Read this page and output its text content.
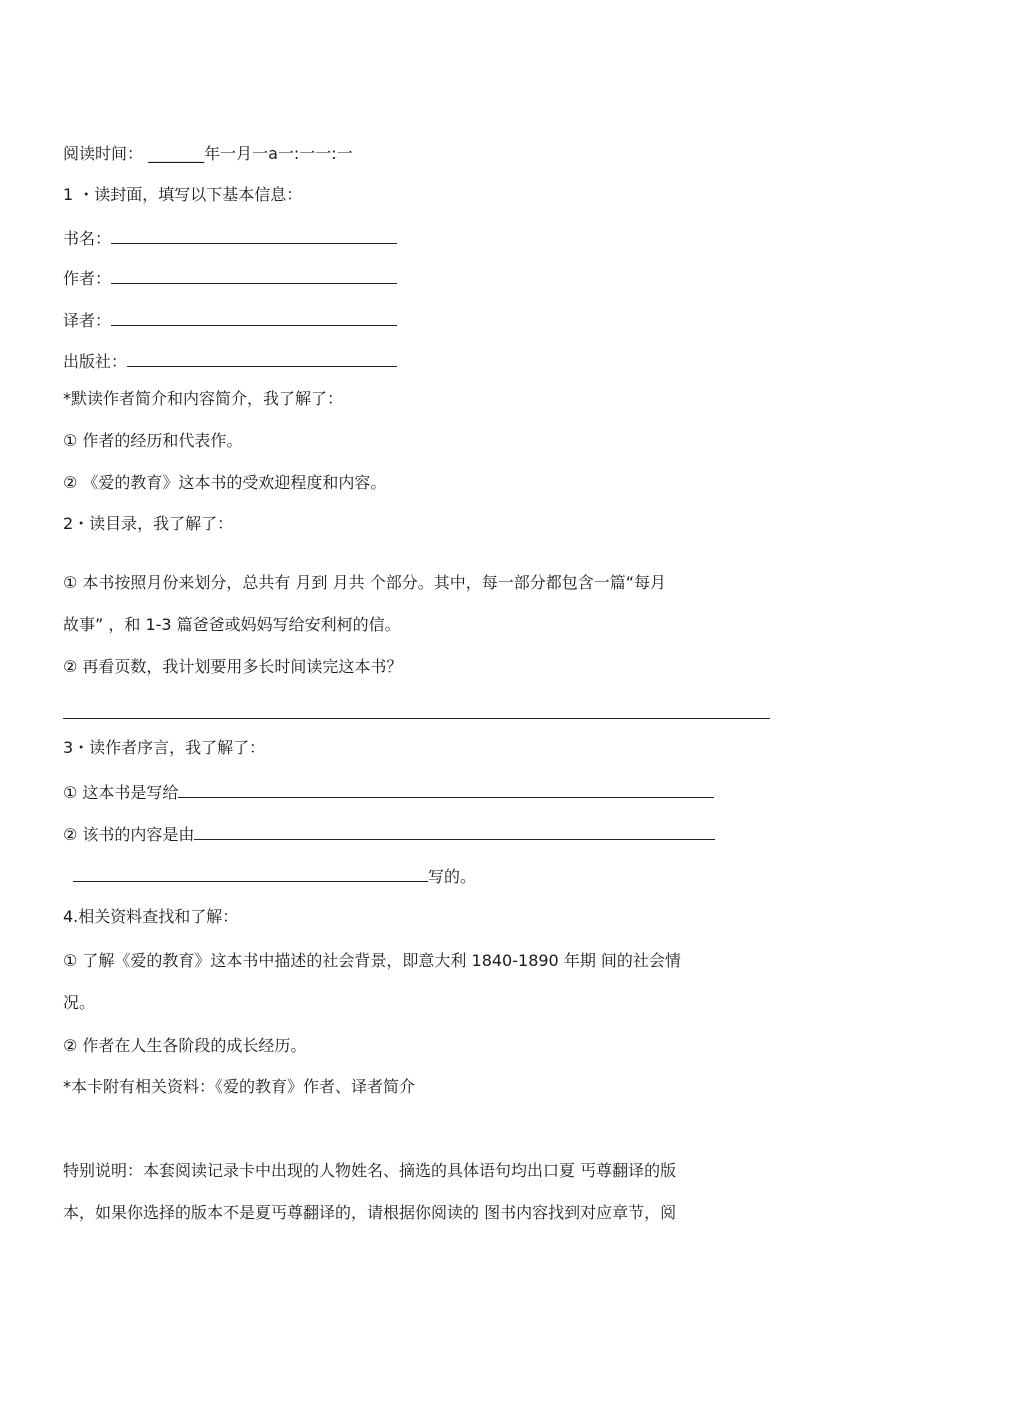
阅读时间： _______年一月一a一:一一:一
1 ・读封面，填写以下基本信息：
书名：
作者：
译者：
出版社：
*默读作者简介和内容简介，我了解了：
① 作者的经历和代表作。
② 《爱的教育》这本书的受欢迎程度和内容。
2・读目录，我了解了：
① 本书按照月份来划分，总共有 月到 月共 个部分。其中，每一部分都包含一篇“每月
故事” ，和 1-3 篇爸爸或妈妈写给安利柯的信。
② 再看页数，我计划要用多长时间读完这本书？
3・读作者序言，我了解了：
① 这本书是写给
② 该书的内容是由
写的。
4.相关资料查找和了解：
① 了解《爱的教育》这本书中描述的社会背景，即意大利 1840-1890 年期 间的社会情
况。
② 作者在人生各阶段的成长经历。
*本卡附有相关资料：《爱的教育》作者、译者简介
特别说明：本套阅读记录卡中出现的人物姓名、摘选的具体语句均出口夏 丐尊翻译的版
本，如果你选择的版本不是夏丐尊翻译的，请根据你阅读的 图书内容找到对应章节，阅
